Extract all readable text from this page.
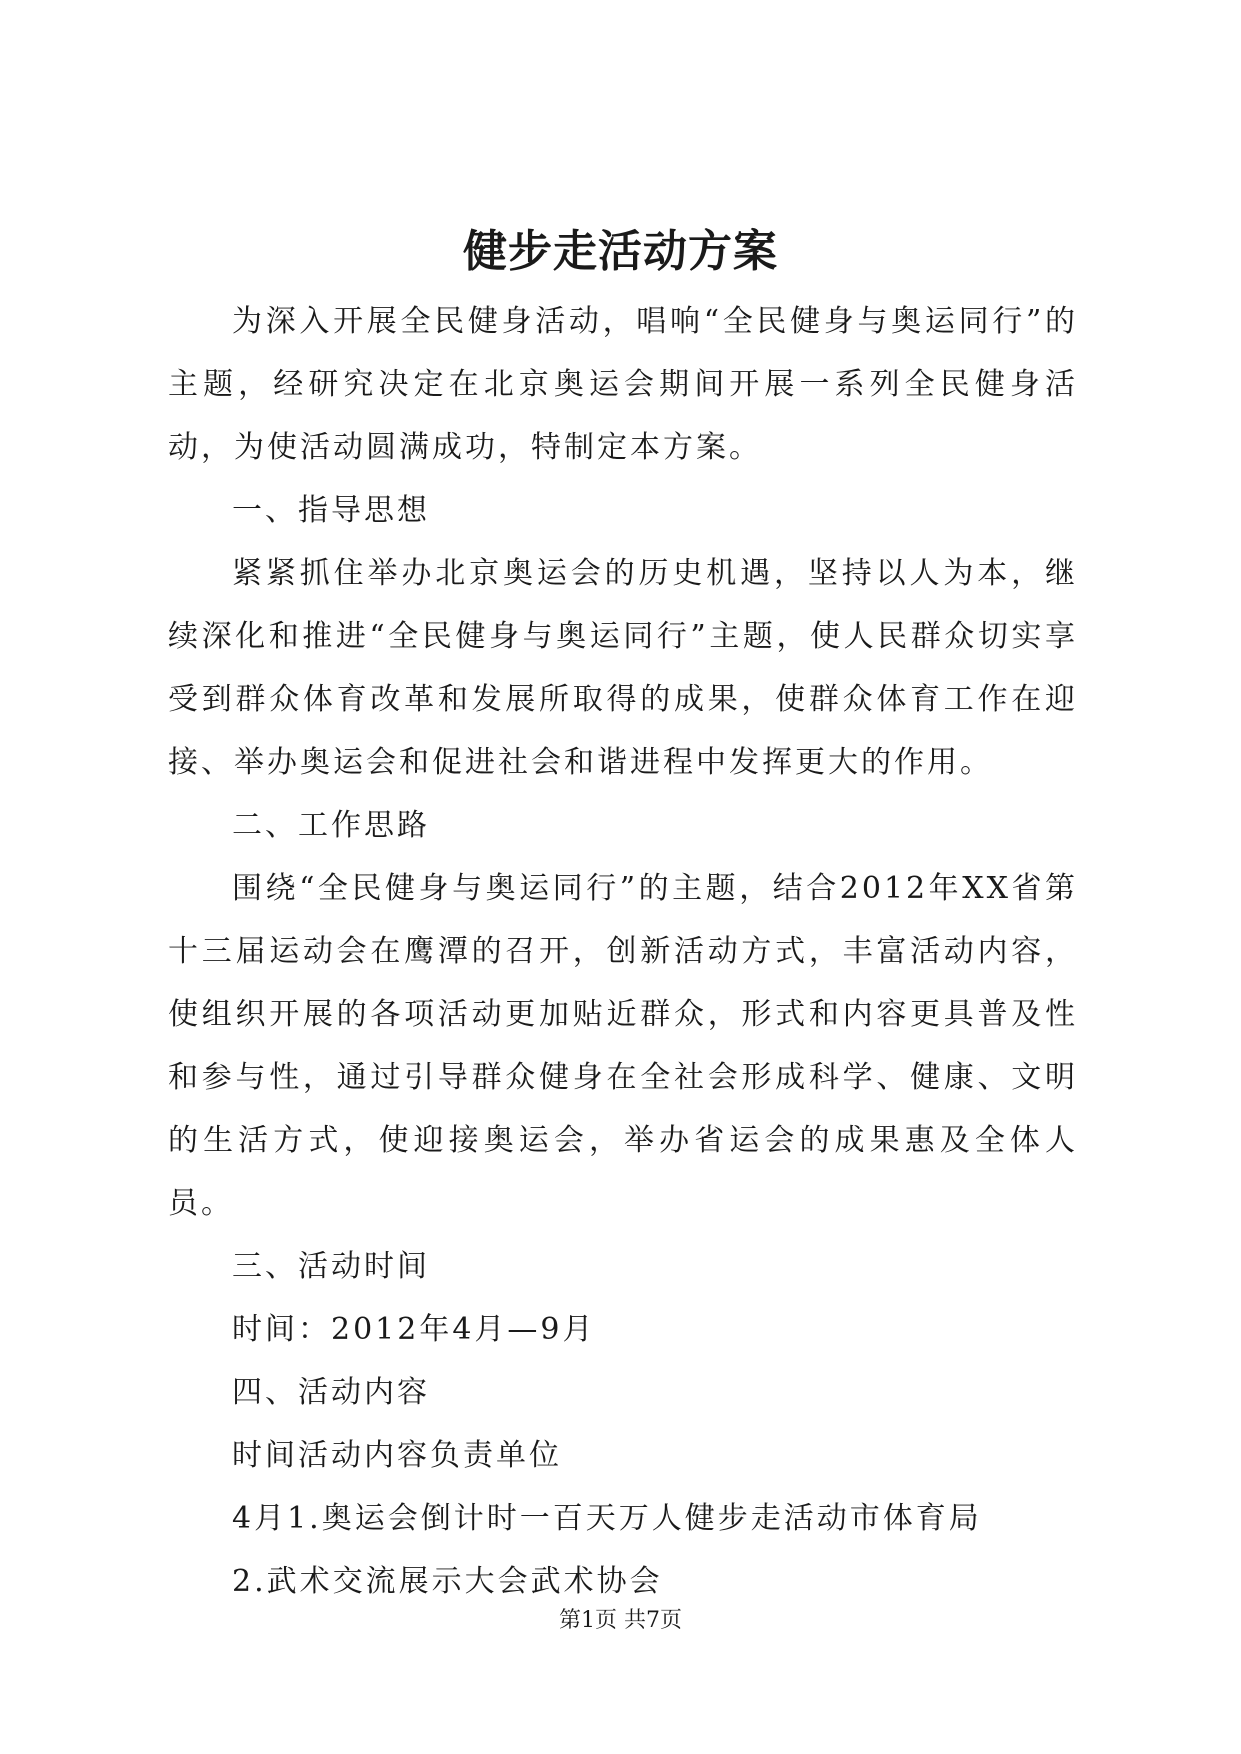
健步走活动方案

为深入开展全民健身活动，唱响“全民健身与奥运同行”的主题，经研究决定在北京奥运会期间开展一系列全民健身活动，为使活动圆满成功，特制定本方案。

一、指导思想

紧紧抓住举办北京奥运会的历史机遇，坚持以人为本，继续深化和推进“全民健身与奥运同行”主题，使人民群众切实享受到群众体育改革和发展所取得的成果，使群众体育工作在迎接、举办奥运会和促进社会和谐进程中发挥更大的作用。

二、工作思路

围绕“全民健身与奥运同行”的主题，结合2012年XX省第十三届运动会在鹰潭的召开，创新活动方式，丰富活动内容，使组织开展的各项活动更加贴近群众，形式和内容更具普及性和参与性，通过引导群众健身在全社会形成科学、健康、文明的生活方式，使迎接奥运会，举办省运会的成果惠及全体人员。

三、活动时间

时间：2012年4月—9月

四、活动内容

时间活动内容负责单位

4月1.奥运会倒计时一百天万人健步走活动市体育局

2.武术交流展示大会武术协会

第1页 共7页
